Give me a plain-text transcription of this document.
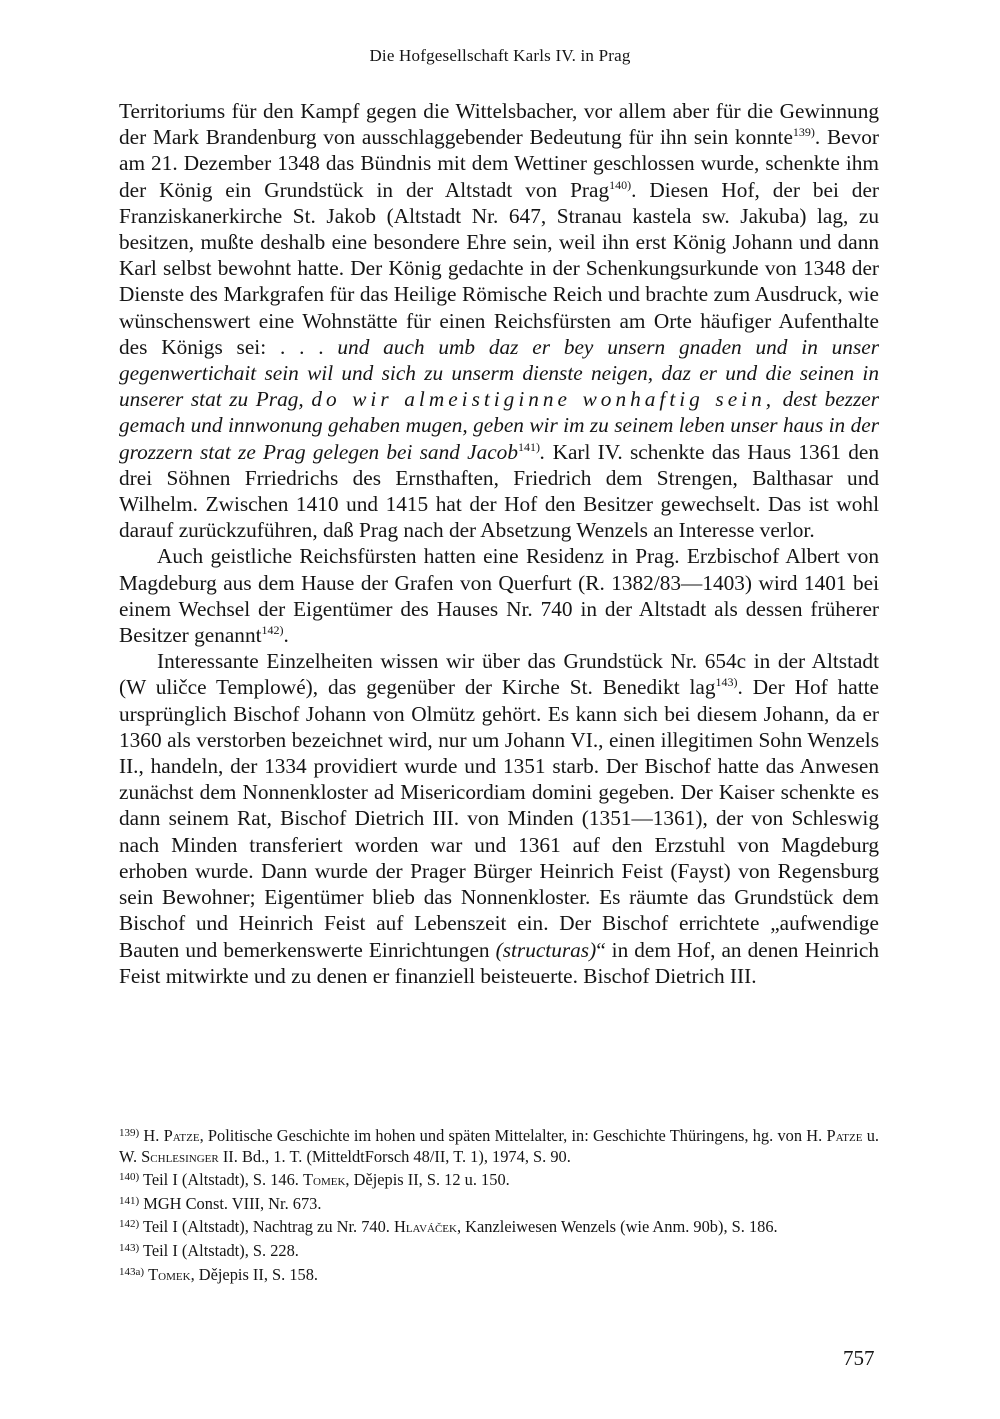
Die Hofgesellschaft Karls IV. in Prag

Territoriums für den Kampf gegen die Wittelsbacher, vor allem aber für die Gewinnung der Mark Brandenburg von ausschlaggebender Bedeutung für ihn sein konnte$^{139)}$. Bevor am 21. Dezember 1348 das Bündnis mit dem Wettiner geschlossen wurde, schenkte ihm der König ein Grundstück in der Altstadt von Prag$^{140)}$. Diesen Hof, der bei der Franziskanerkirche St. Jakob (Altstadt Nr. 647, Stranau kastela sw. Jakuba) lag, zu besitzen, mußte deshalb eine besondere Ehre sein, weil ihn erst König Johann und dann Karl selbst bewohnt hatte. Der König gedachte in der Schenkungsurkunde von 1348 der Dienste des Markgrafen für das Heilige Römische Reich und brachte zum Ausdruck, wie wünschenswert eine Wohnstätte für einen Reichsfürsten am Orte häufiger Aufenthalte des Königs sei: . . . und auch umb daz er bey unsern gnaden und in unser gegenwertichait sein wil und sich zu unserm dienste neigen, daz er und die seinen in unserer stat zu Prag, do wir almeistiginne wonhaftig sein, dest bezzer gemach und innwonung gehaben mugen, geben wir im zu seinem leben unser haus in der grozzern stat ze Prag gelegen bei sand Jacob$^{141)}$. Karl IV. schenkte das Haus 1361 den drei Söhnen Frriedrichs des Ernsthaften, Friedrich dem Strengen, Balthasar und Wilhelm. Zwischen 1410 und 1415 hat der Hof den Besitzer gewechselt. Das ist wohl darauf zurückzuführen, daß Prag nach der Absetzung Wenzels an Interesse verlor.

Auch geistliche Reichsfürsten hatten eine Residenz in Prag. Erzbischof Albert von Magdeburg aus dem Hause der Grafen von Querfurt (R. 1382/83—1403) wird 1401 bei einem Wechsel der Eigentümer des Hauses Nr. 740 in der Altstadt als dessen früherer Besitzer genannt$^{142)}$.

Interessante Einzelheiten wissen wir über das Grundstück Nr. 654c in der Altstadt (W uličce Templowé), das gegenüber der Kirche St. Benedikt lag$^{143)}$. Der Hof hatte ursprünglich Bischof Johann von Olmütz gehört. Es kann sich bei diesem Johann, da er 1360 als verstorben bezeichnet wird, nur um Johann VI., einen illegitimen Sohn Wenzels II., handeln, der 1334 providiert wurde und 1351 starb. Der Bischof hatte das Anwesen zunächst dem Nonnenkloster ad Misericordiam domini gegeben. Der Kaiser schenkte es dann seinem Rat, Bischof Dietrich III. von Minden (1351—1361), der von Schleswig nach Minden transferiert worden war und 1361 auf den Erzstuhl von Magdeburg erhoben wurde. Dann wurde der Prager Bürger Heinrich Feist (Fayst) von Regensburg sein Bewohner; Eigentümer blieb das Nonnenkloster. Es räumte das Grundstück dem Bischof und Heinrich Feist auf Lebenszeit ein. Der Bischof errichtete „aufwendige Bauten und bemerkenswerte Einrichtungen (structuras)“ in dem Hof, an denen Heinrich Feist mitwirkte und zu denen er finanziell beisteuerte. Bischof Dietrich III.

$^{139)}$ H. Patze, Politische Geschichte im hohen und späten Mittelalter, in: Geschichte Thüringens, hg. von H. Patze u. W. Schlesinger II. Bd., 1. T. (MitteldtForsch 48/II, T. 1), 1974, S. 90.
$^{140)}$ Teil I (Altstadt), S. 146. Tomek, Dějepis II, S. 12 u. 150.
$^{141)}$ MGH Const. VIII, Nr. 673.
$^{142)}$ Teil I (Altstadt), Nachtrag zu Nr. 740. Hlaváček, Kanzleiwesen Wenzels (wie Anm. 90b), S. 186.
$^{143)}$ Teil I (Altstadt), S. 228.
$^{143a)}$ Tomek, Dějepis II, S. 158.
757
